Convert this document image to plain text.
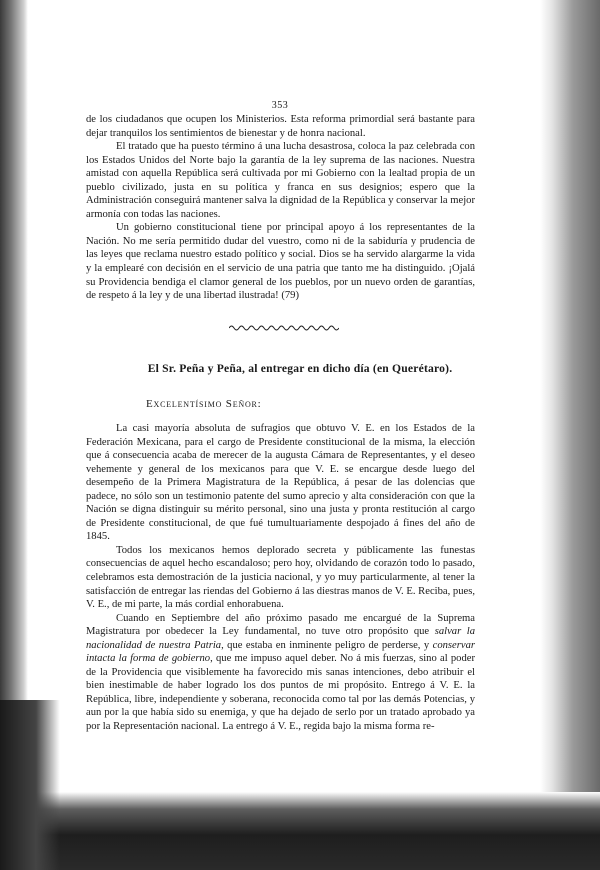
353

de los ciudadanos que ocupen los Ministerios. Esta reforma primordial será bastante para dejar tranquilos los sentimientos de bienestar y de honra nacional.

El tratado que ha puesto término á una lucha desastrosa, coloca la paz celebrada con los Estados Unidos del Norte bajo la garantía de la ley suprema de las naciones. Nuestra amistad con aquella República será cultivada por mi Gobierno con la lealtad propia de un pueblo civilizado, justa en su política y franca en sus designios; espero que la Administración conseguirá mantener salva la dignidad de la República y conservar la mejor armonía con todas las naciones.

Un gobierno constitucional tiene por principal apoyo á los representantes de la Nación. No me sería permitido dudar del vuestro, como ni de la sabiduría y prudencia de las leyes que reclama nuestro estado político y social. Dios se ha servido alargarme la vida y la emplearé con decisión en el servicio de una patria que tanto me ha distinguido. ¡Ojalá su Providencia bendiga el clamor general de los pueblos, por un nuevo orden de garantías, de respeto á la ley y de una libertad ilustrada! (79)

El Sr. Peña y Peña, al entregar en dicho día (en Querétaro).
Excelentísimo Señor:

La casi mayoría absoluta de sufragios que obtuvo V. E. en los Estados de la Federación Mexicana, para el cargo de Presidente constitucional de la misma, la elección que á consecuencia acaba de merecer de la augusta Cámara de Representantes, y el deseo vehemente y general de los mexicanos para que V. E. se encargue desde luego del desempeño de la Primera Magistratura de la República, á pesar de las dolencias que padece, no sólo son un testimonio patente del sumo aprecio y alta consideración con que la Nación se digna distinguir su mérito personal, sino una justa y pronta restitución al cargo de Presidente constitucional, de que fué tumultuariamente despojado á fines del año de 1845.

Todos los mexicanos hemos deplorado secreta y públicamente las funestas consecuencias de aquel hecho escandaloso; pero hoy, olvidando de corazón todo lo pasado, celebramos esta demostración de la justicia nacional, y yo muy particularmente, al tener la satisfacción de entregar las riendas del Gobierno á las diestras manos de V. E. Reciba, pues, V. E., de mi parte, la más cordial enhorabuena.

Cuando en Septiembre del año próximo pasado me encargué de la Suprema Magistratura por obedecer la Ley fundamental, no tuve otro propósito que salvar la nacionalidad de nuestra Patria, que estaba en inminente peligro de perderse, y conservar intacta la forma de gobierno, que me impuso aquel deber. No á mis fuerzas, sino al poder de la Providencia que visiblemente ha favorecido mis sanas intenciones, debo atribuir el bien inestimable de haber logrado los dos puntos de mi propósito. Entrego á V. E. la República, libre, independiente y soberana, reconocida como tal por las demás Potencias, y aun por la que había sido su enemiga, y que ha dejado de serlo por un tratado aprobado ya por la Representación nacional. La entrego á V. E., regida bajo la misma forma re-
